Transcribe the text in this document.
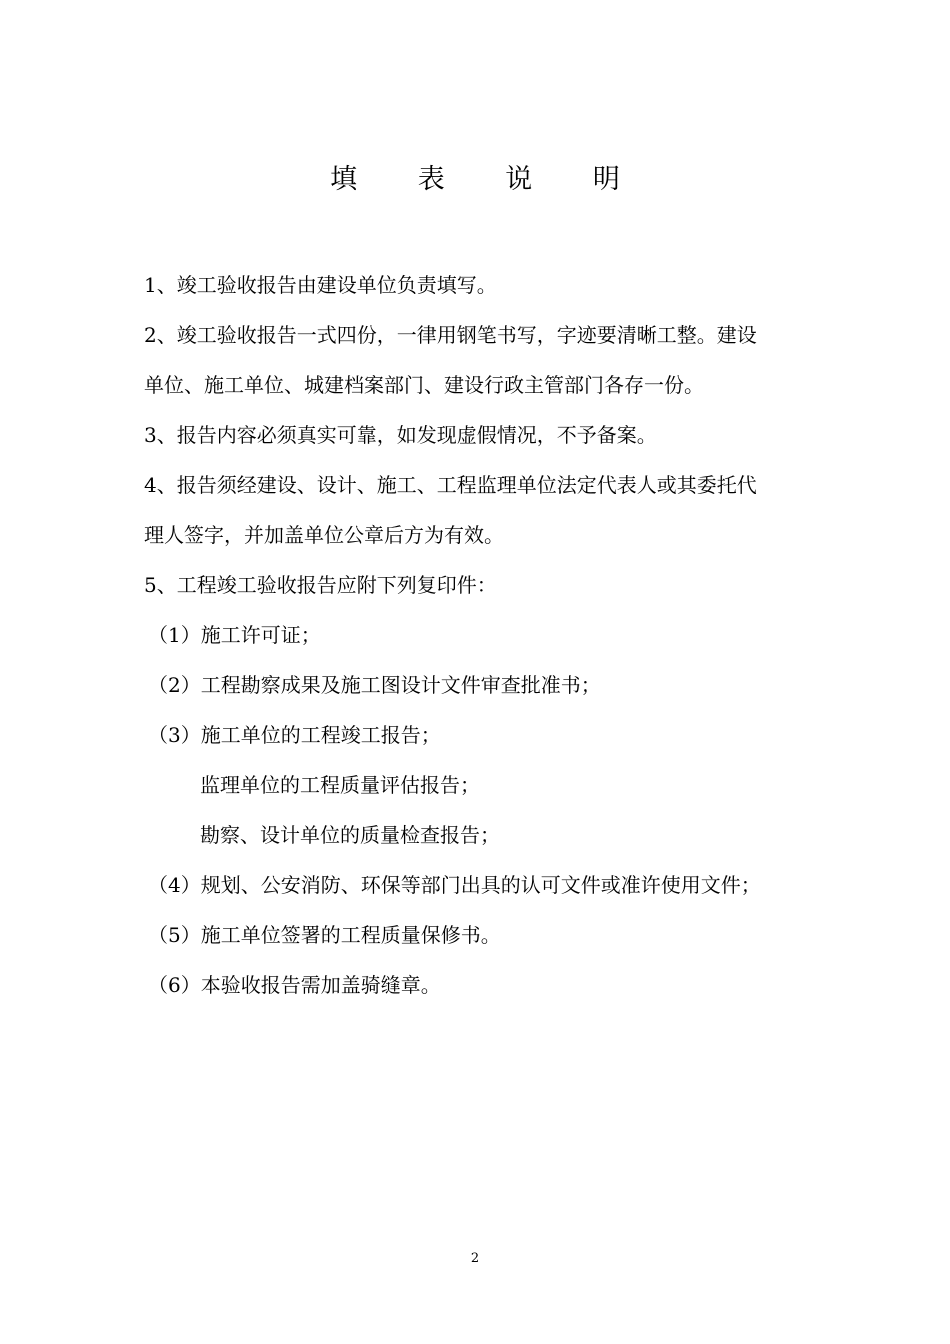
填 表 说 明
1、竣工验收报告由建设单位负责填写。
2、竣工验收报告一式四份，一律用钢笔书写，字迹要清晰工整。建设
单位、施工单位、城建档案部门、建设行政主管部门各存一份。
3、报告内容必须真实可靠，如发现虚假情况，不予备案。
4、报告须经建设、设计、施工、工程监理单位法定代表人或其委托代
理人签字，并加盖单位公章后方为有效。
5、工程竣工验收报告应附下列复印件：
（1）施工许可证；
（2）工程勘察成果及施工图设计文件审查批准书；
（3）施工单位的工程竣工报告；
监理单位的工程质量评估报告；
勘察、设计单位的质量检查报告；
（4）规划、公安消防、环保等部门出具的认可文件或准许使用文件；
（5）施工单位签署的工程质量保修书。
（6）本验收报告需加盖骑缝章。
2
